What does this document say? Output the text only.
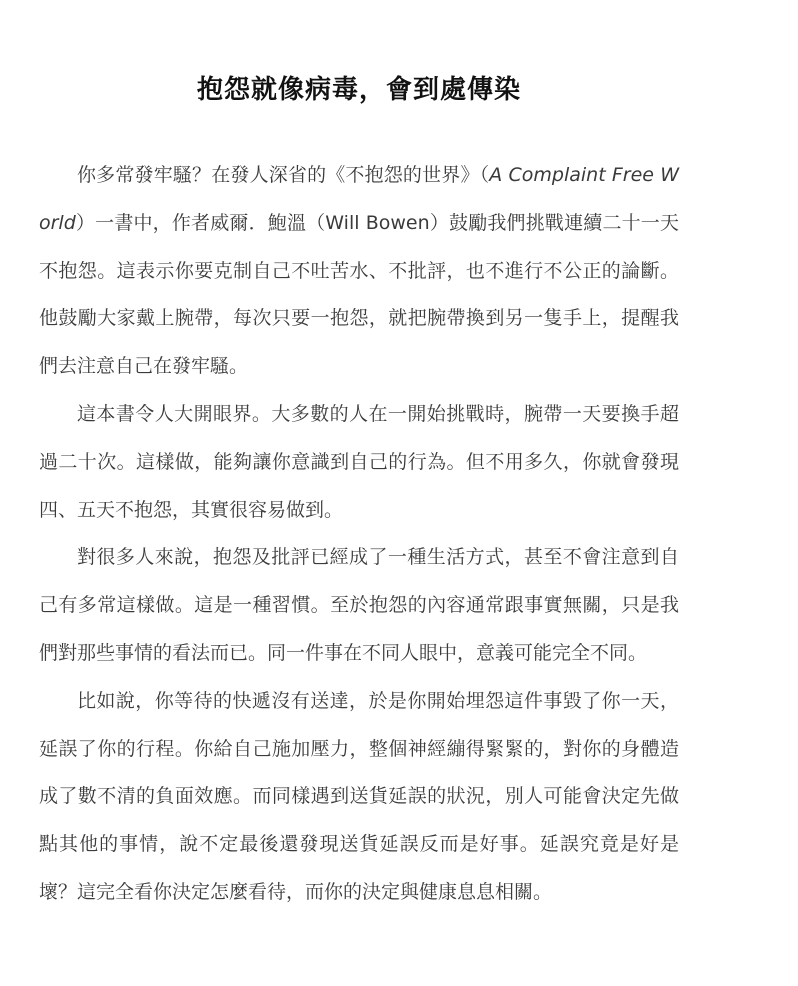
抱怨就像病毒，會到處傳染

你多常發牢騷？在發人深省的《不抱怨的世界》（A Complaint Free World）一書中，作者威爾．鮑溫（Will Bowen）鼓勵我們挑戰連續二十一天不抱怨。這表示你要克制自己不吐苦水、不批評，也不進行不公正的論斷。他鼓勵大家戴上腕帶，每次只要一抱怨，就把腕帶換到另一隻手上，提醒我們去注意自己在發牢騷。

這本書令人大開眼界。大多數的人在一開始挑戰時，腕帶一天要換手超過二十次。這樣做，能夠讓你意識到自己的行為。但不用多久，你就會發現四、五天不抱怨，其實很容易做到。

對很多人來說，抱怨及批評已經成了一種生活方式，甚至不會注意到自己有多常這樣做。這是一種習慣。至於抱怨的內容通常跟事實無關，只是我們對那些事情的看法而已。同一件事在不同人眼中，意義可能完全不同。

比如說，你等待的快遞沒有送達，於是你開始埋怨這件事毀了你一天，延誤了你的行程。你給自己施加壓力，整個神經繃得緊緊的，對你的身體造成了數不清的負面效應。而同樣遇到送貨延誤的狀況，別人可能會決定先做點其他的事情，說不定最後還發現送貨延誤反而是好事。延誤究竟是好是壞？這完全看你決定怎麼看待，而你的決定與健康息息相關。
